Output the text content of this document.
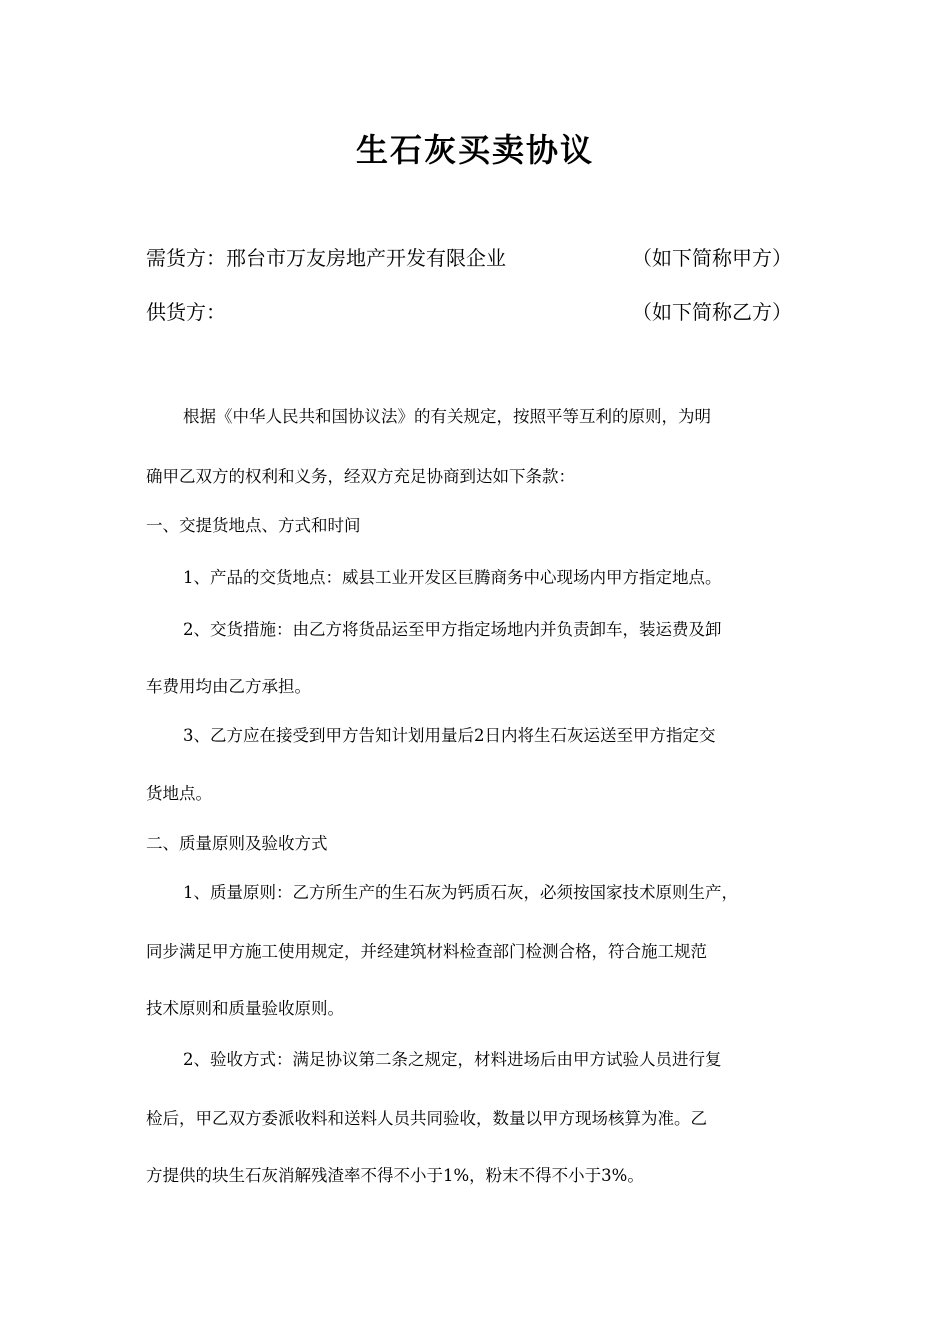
生石灰买卖协议
需货方：邢台市万友房地产开发有限企业	（如下简称甲方）
供货方：	（如下简称乙方）
根据《中华人民共和国协议法》的有关规定，按照平等互利的原则，为明
确甲乙双方的权利和义务，经双方充足协商到达如下条款：
一、交提货地点、方式和时间
1、产品的交货地点：威县工业开发区巨腾商务中心现场内甲方指定地点。
2、交货措施：由乙方将货品运至甲方指定场地内并负责卸车，装运费及卸
车费用均由乙方承担。
3、乙方应在接受到甲方告知计划用量后2日内将生石灰运送至甲方指定交
货地点。
二、质量原则及验收方式
1、质量原则：乙方所生产的生石灰为钙质石灰，必须按国家技术原则生产，
同步满足甲方施工使用规定，并经建筑材料检查部门检测合格，符合施工规范
技术原则和质量验收原则。
2、验收方式：满足协议第二条之规定，材料进场后由甲方试验人员进行复
检后，甲乙双方委派收料和送料人员共同验收，数量以甲方现场核算为准。乙
方提供的块生石灰消解残渣率不得不小于1%，粉末不得不小于3%。
